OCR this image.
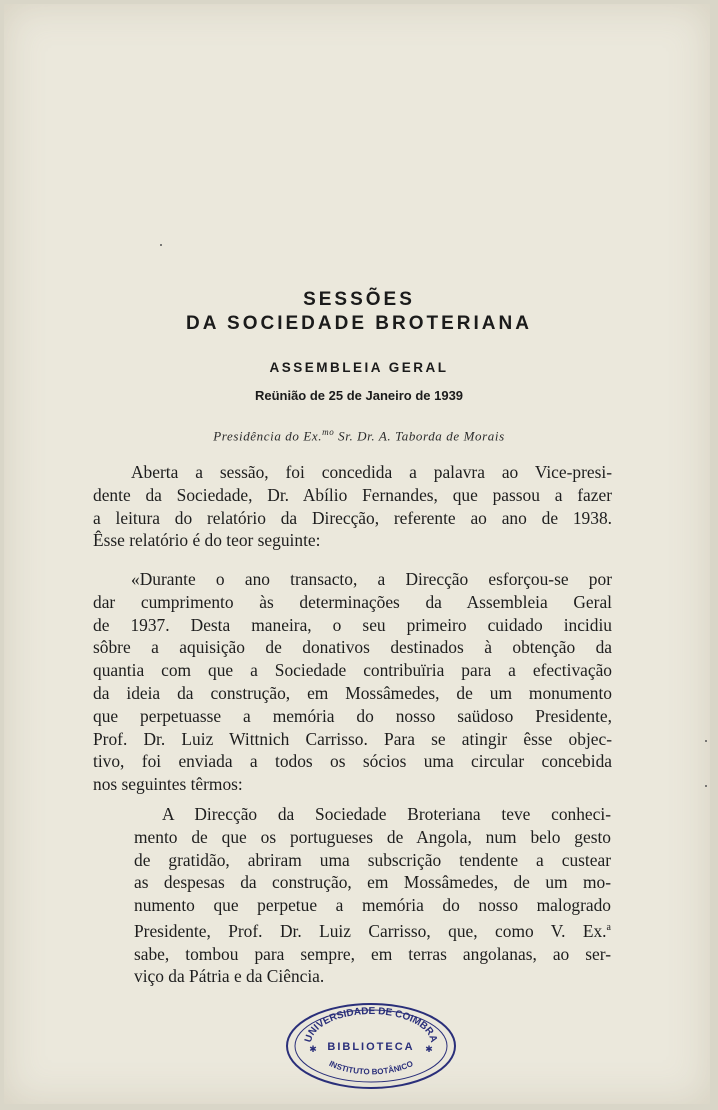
SESSÕES
DA SOCIEDADE BROTERIANA
ASSEMBLEIA GERAL
Reünião de 25 de Janeiro de 1939
Presidência do Ex.$^{mo}$ Sr. Dr. A. Taborda de Morais
Aberta a sessão, foi concedida a palavra ao Vice-presi-
dente da Sociedade, Dr. Abílio Fernandes, que passou a fazer
a leitura do relatório da Direcção, referente ao ano de 1938.
Êsse relatório é do teor seguinte:
«Durante o ano transacto, a Direcção esforçou-se por
dar cumprimento às determinações da Assembleia Geral
de 1937. Desta maneira, o seu primeiro cuidado incidiu
sôbre a aquisição de donativos destinados à obtenção da
quantia com que a Sociedade contribuïria para a efectivação
da ideia da construção, em Mossâmedes, de um monumento
que perpetuasse a memória do nosso saüdoso Presidente,
Prof. Dr. Luiz Wittnich Carrisso. Para se atingir êsse objec-
tivo, foi enviada a todos os sócios uma circular concebida
nos seguintes têrmos:
A Direcção da Sociedade Broteriana teve conheci-
mento de que os portugueses de Angola, num belo gesto
de gratidão, abriram uma subscrição tendente a custear
as despesas da construção, em Mossâmedes, de um mo-
numento que perpetue a memória do nosso malogrado
Presidente, Prof. Dr. Luiz Carrisso, que, como V. Ex.$^a$
sabe, tombou para sempre, em terras angolanas, ao ser-
viço da Pátria e da Ciência.
UNIVERSIDADE DE COIMBRA
BIBLIOTECA
INSTITUTO BOTÂNICO
✱	✱
